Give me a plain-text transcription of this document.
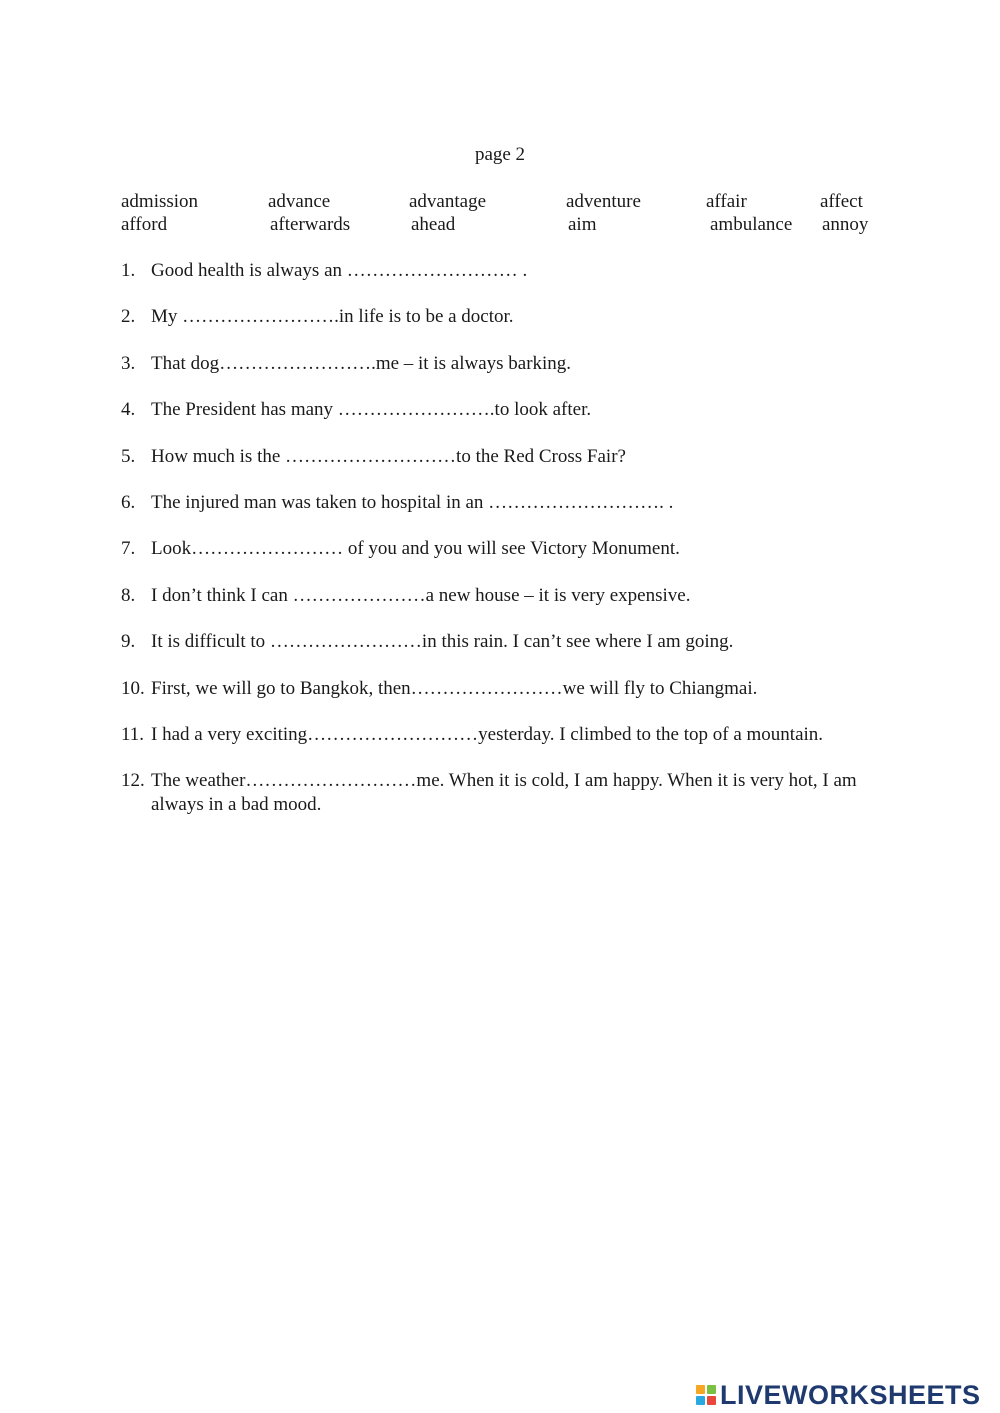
page 2
admission	advance	advantage	adventure	affair	affect
afford	afterwards	ahead	aim	ambulance annoy
1. Good health is always an ……………………… .
2. My …………………….in life is to be a doctor.
3. That dog…………………….me – it is always barking.
4. The President has many …………………….to look after.
5. How much is the ………………………to the Red Cross Fair?
6. The injured man was taken to hospital in an ………………………. .
7. Look…………………… of you and you will see Victory Monument.
8. I don’t think I can …………………a new house – it is very expensive.
9. It is difficult to ……………………in this rain. I can’t see where I am going.
10. First, we will go to Bangkok, then……………………we will fly to Chiangmai.
11. I had a very exciting………………………yesterday. I climbed to the top of a mountain.
12. The weather………………………me. When it is cold, I am happy. When it is very hot, I am always in a bad mood.
LIVEWORKSHEETS
